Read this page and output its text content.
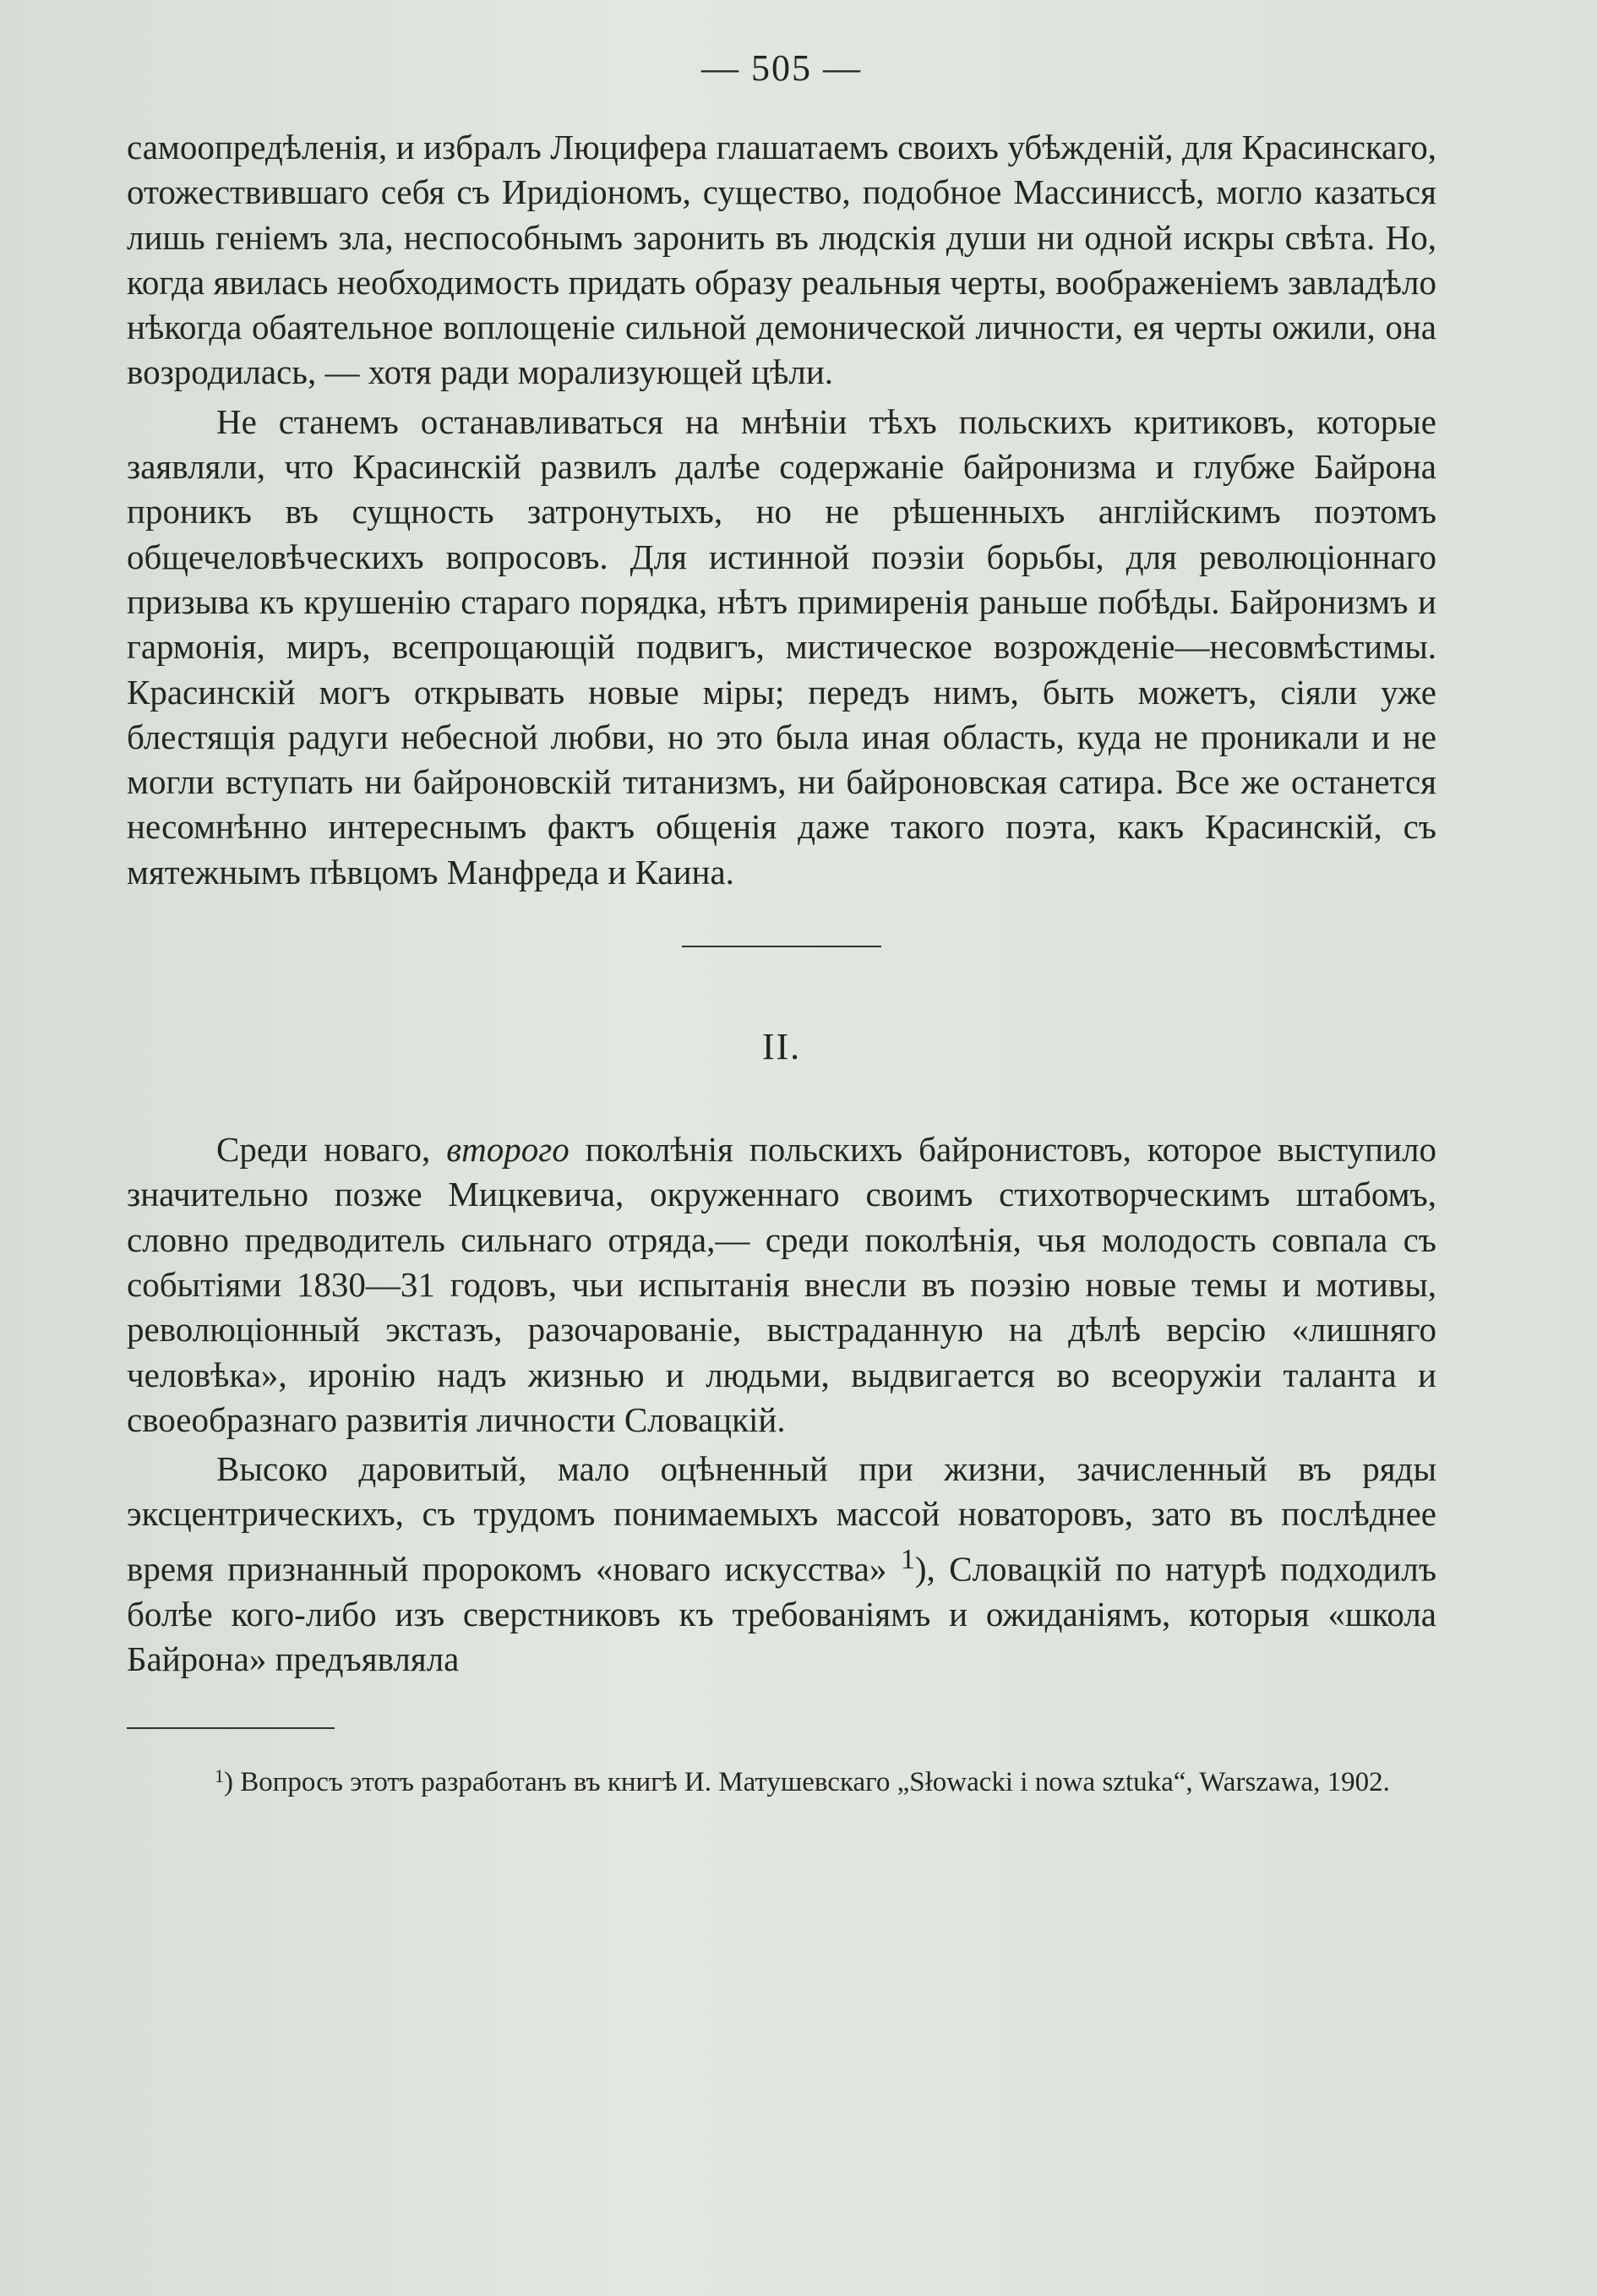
— 505 —

самоопредѣленія, и избралъ Люцифера глашатаемъ своихъ убѣжденій, для Красинскаго, отожествившаго себя съ Иридіономъ, существо, подобное Массиниссѣ, могло казаться лишь геніемъ зла, неспособнымъ заронить въ людскія души ни одной искры свѣта. Но, когда явилась необходимость придать образу реальныя черты, воображеніемъ завладѣло нѣкогда обаятельное воплощеніе сильной демонической личности, ея черты ожили, она возродилась, — хотя ради морализующей цѣли.

Не станемъ останавливаться на мнѣніи тѣхъ польскихъ критиковъ, которые заявляли, что Красинскій развилъ далѣе содержаніе байронизма и глубже Байрона проникъ въ сущность затронутыхъ, но не рѣшенныхъ англійскимъ поэтомъ общечеловѣческихъ вопросовъ. Для истинной поэзіи борьбы, для революціоннаго призыва къ крушенію стараго порядка, нѣтъ примиренія раньше побѣды. Байронизмъ и гармонія, миръ, всепрощающій подвигъ, мистическое возрожденіе—несовмѣстимы. Красинскій могъ открывать новые міры; передъ нимъ, быть можетъ, сіяли уже блестящія радуги небесной любви, но это была иная область, куда не проникали и не могли вступать ни байроновскій титанизмъ, ни байроновская сатира. Все же останется несомнѣнно интереснымъ фактъ общенія даже такого поэта, какъ Красинскій, съ мятежнымъ пѣвцомъ Манфреда и Каина.

II.

Среди новаго, второго поколѣнія польскихъ байронистовъ, которое выступило значительно позже Мицкевича, окруженнаго своимъ стихотворческимъ штабомъ, словно предводитель сильнаго отряда,— среди поколѣнія, чья молодость совпала съ событіями 1830—31 годовъ, чьи испытанія внесли въ поэзію новые темы и мотивы, революціонный экстазъ, разочарованіе, выстраданную на дѣлѣ версію «лишняго человѣка», иронію надъ жизнью и людьми, выдвигается во всеоружіи таланта и своеобразнаго развитія личности Словацкій.

Высоко даровитый, мало оцѣненный при жизни, зачисленный въ ряды эксцентрическихъ, съ трудомъ понимаемыхъ массой новаторовъ, зато въ послѣднее время признанный пророкомъ «новаго искусства» $^1$), Словацкій по натурѣ подходилъ болѣе кого-либо изъ сверстниковъ къ требованіямъ и ожиданіямъ, которыя «школа Байрона» предъявляла

$^1$) Вопросъ этотъ разработанъ въ книгѣ И. Матушевскаго „Słowacki i nowa sztuka“, Warszawa, 1902.
